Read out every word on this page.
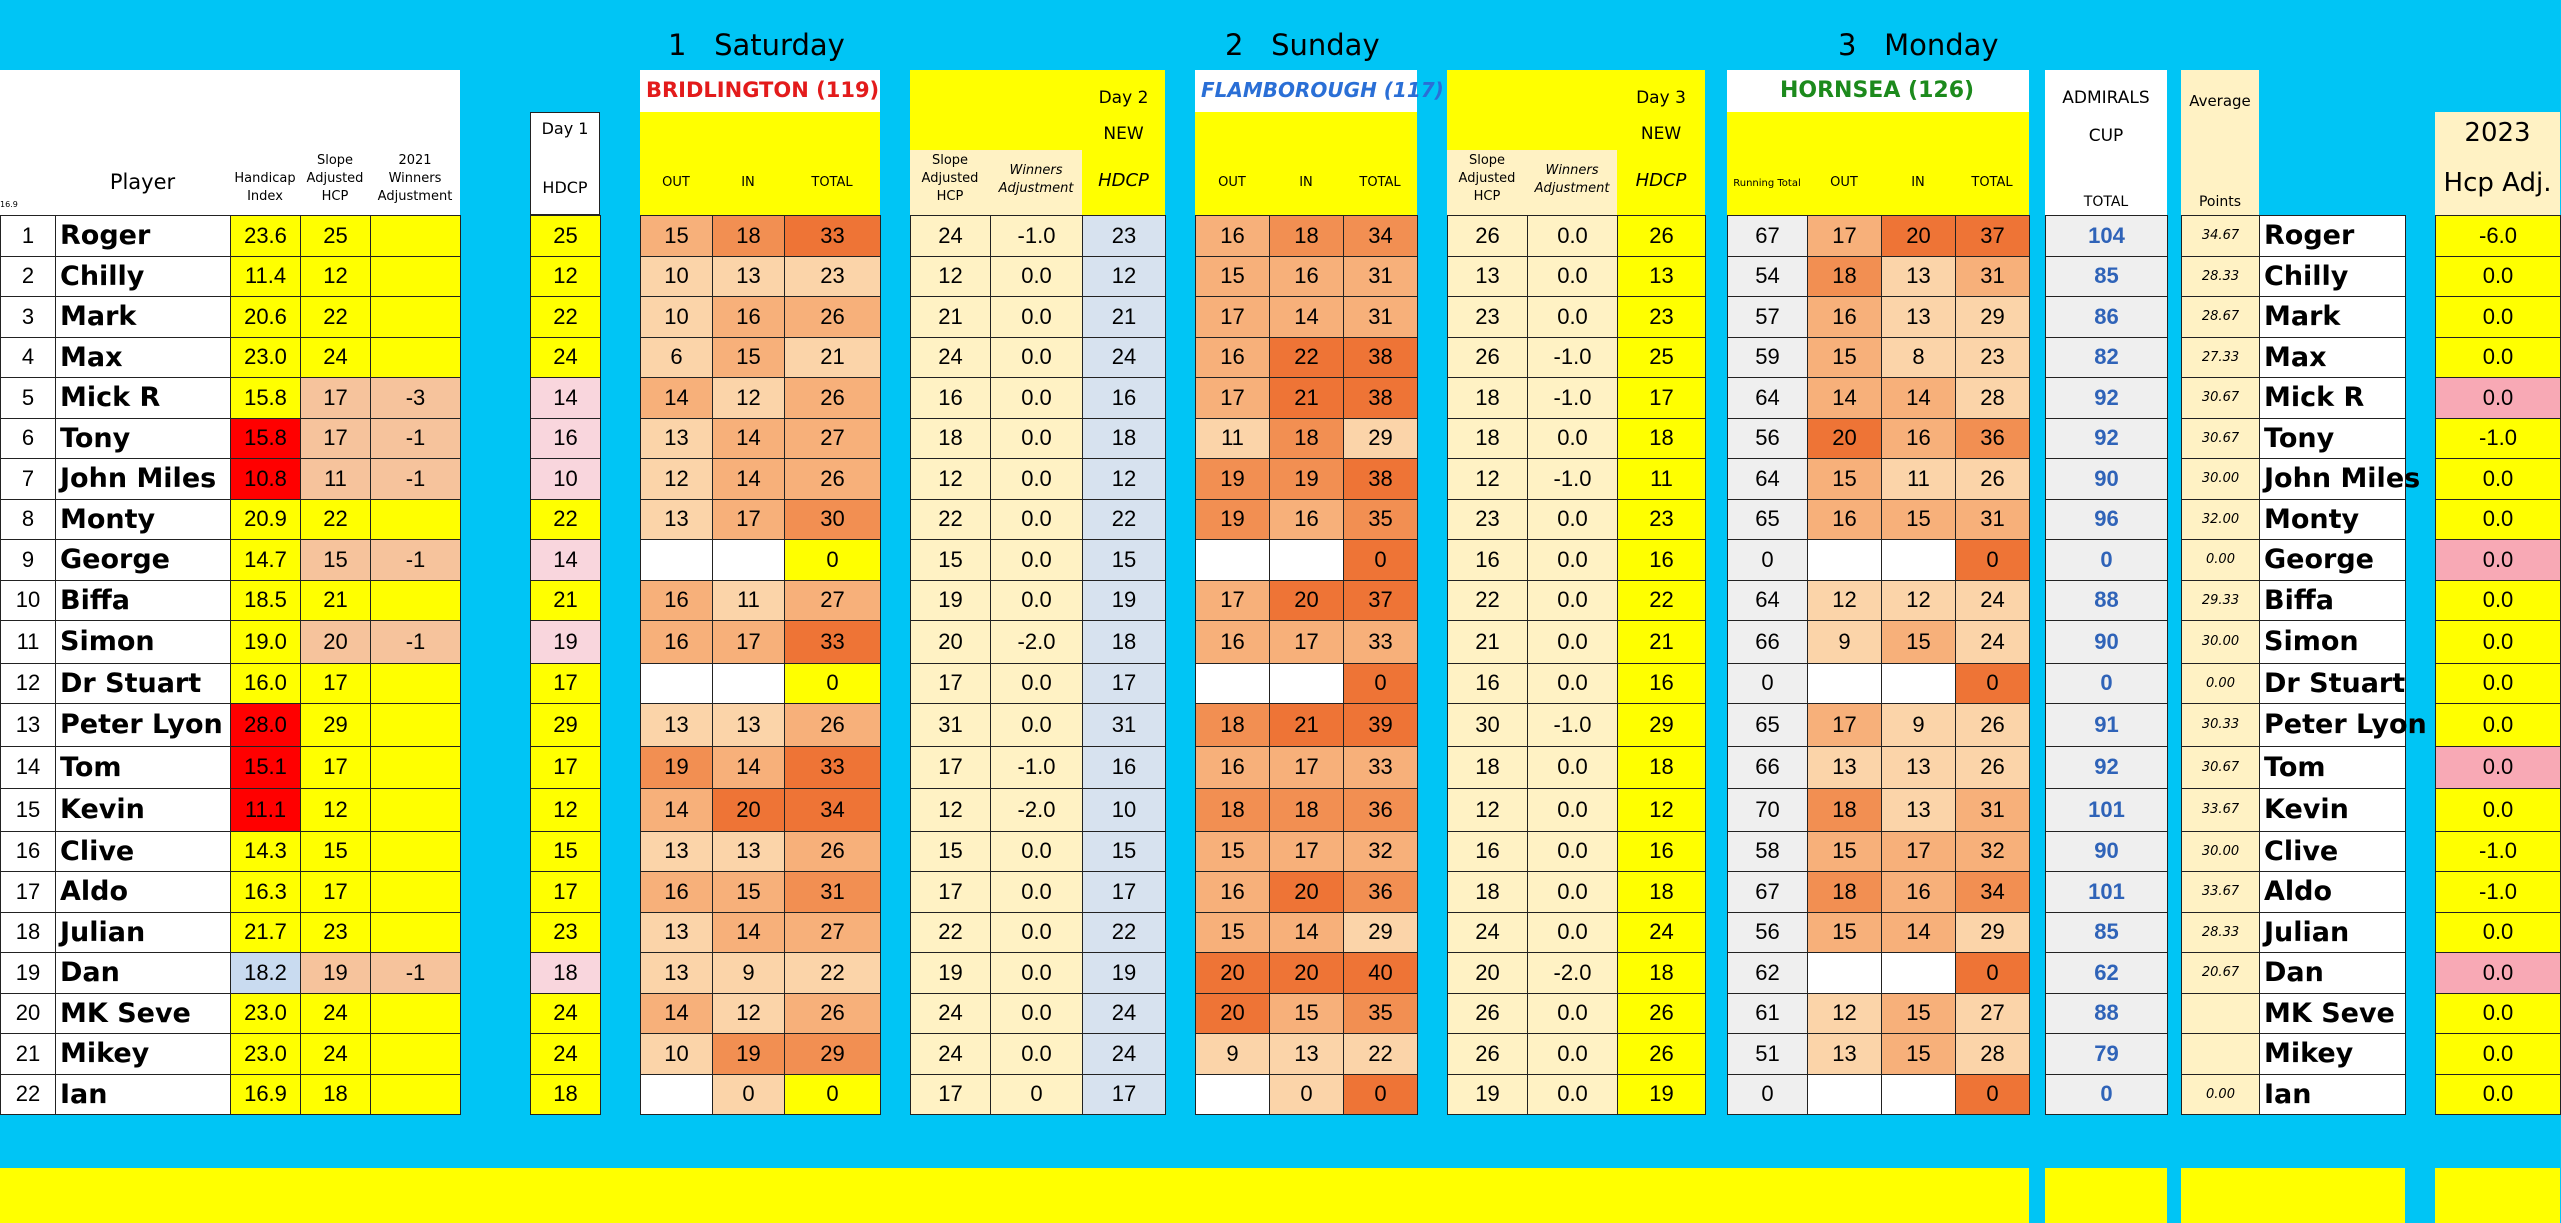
1 Saturday	2 Sunday	3 Monday
16.9
Player	Handicap
Index
Slope
Adjusted
HCP
2021
Winners
Adjustment
Day 1
HDCP
BRIDLINGTON (119)	FLAMBOROUGH (117)	HORNSEA (126)
OUT	IN	TOTAL
Slope
Adjusted
HCP
Winners
Adjustment
Day 2
NEW
HDCP	OUT	IN	TOTAL
Slope
Adjusted
HCP
Winners
Adjustment
Day 3
NEW
HDCP	Running Total	OUT	IN	TOTAL
ADMIRALS
CUP
TOTAL
Average
Points
2023
Hcp Adj.
1	Roger	23.6	25			25		15	18	33		24	-1.0	23		16	18	34		26	0.0	26		67	17	20	37		104		34.67	Roger		-6.0
2	Chilly	11.4	12			12		10	13	23		12	0.0	12		15	16	31		13	0.0	13		54	18	13	31		85		28.33	Chilly		0.0
3	Mark	20.6	22			22		10	16	26		21	0.0	21		17	14	31		23	0.0	23		57	16	13	29		86		28.67	Mark		0.0
4	Max	23.0	24			24		6	15	21		24	0.0	24		16	22	38		26	-1.0	25		59	15	8	23		82		27.33	Max		0.0
5	Mick R	15.8	17	-3		14		14	12	26		16	0.0	16		17	21	38		18	-1.0	17		64	14	14	28		92		30.67	Mick R		0.0
6	Tony	15.8	17	-1		16		13	14	27		18	0.0	18		11	18	29		18	0.0	18		56	20	16	36		92		30.67	Tony		-1.0
7	John Miles	10.8	11	-1		10		12	14	26		12	0.0	12		19	19	38		12	-1.0	11		64	15	11	26		90		30.00	John Miles		0.0
8	Monty	20.9	22			22		13	17	30		22	0.0	22		19	16	35		23	0.0	23		65	16	15	31		96		32.00	Monty		0.0
9	George	14.7	15	-1		14				0		15	0.0	15				0		16	0.0	16		0			0		0		0.00	George		0.0
10	Biffa	18.5	21			21		16	11	27		19	0.0	19		17	20	37		22	0.0	22		64	12	12	24		88		29.33	Biffa		0.0
11	Simon	19.0	20	-1		19		16	17	33		20	-2.0	18		16	17	33		21	0.0	21		66	9	15	24		90		30.00	Simon		0.0
12	Dr Stuart	16.0	17			17				0		17	0.0	17				0		16	0.0	16		0			0		0		0.00	Dr Stuart		0.0
13	Peter Lyon	28.0	29			29		13	13	26		31	0.0	31		18	21	39		30	-1.0	29		65	17	9	26		91		30.33	Peter Lyon		0.0
14	Tom	15.1	17			17		19	14	33		17	-1.0	16		16	17	33		18	0.0	18		66	13	13	26		92		30.67	Tom		0.0
15	Kevin	11.1	12			12		14	20	34		12	-2.0	10		18	18	36		12	0.0	12		70	18	13	31		101		33.67	Kevin		0.0
16	Clive	14.3	15			15		13	13	26		15	0.0	15		15	17	32		16	0.0	16		58	15	17	32		90		30.00	Clive		-1.0
17	Aldo	16.3	17			17		16	15	31		17	0.0	17		16	20	36		18	0.0	18		67	18	16	34		101		33.67	Aldo		-1.0
18	Julian	21.7	23			23		13	14	27		22	0.0	22		15	14	29		24	0.0	24		56	15	14	29		85		28.33	Julian		0.0
19	Dan	18.2	19	-1		18		13	9	22		19	0.0	19		20	20	40		20	-2.0	18		62			0		62		20.67	Dan		0.0
20	MK Seve	23.0	24			24		14	12	26		24	0.0	24		20	15	35		26	0.0	26		61	12	15	27		88			MK Seve		0.0
21	Mikey	23.0	24			24		10	19	29		24	0.0	24		9	13	22		26	0.0	26		51	13	15	28		79			Mikey		0.0
22	Ian	16.9	18			18			0	0		17	0	17			0	0		19	0.0	19		0			0		0		0.00	Ian		0.0
